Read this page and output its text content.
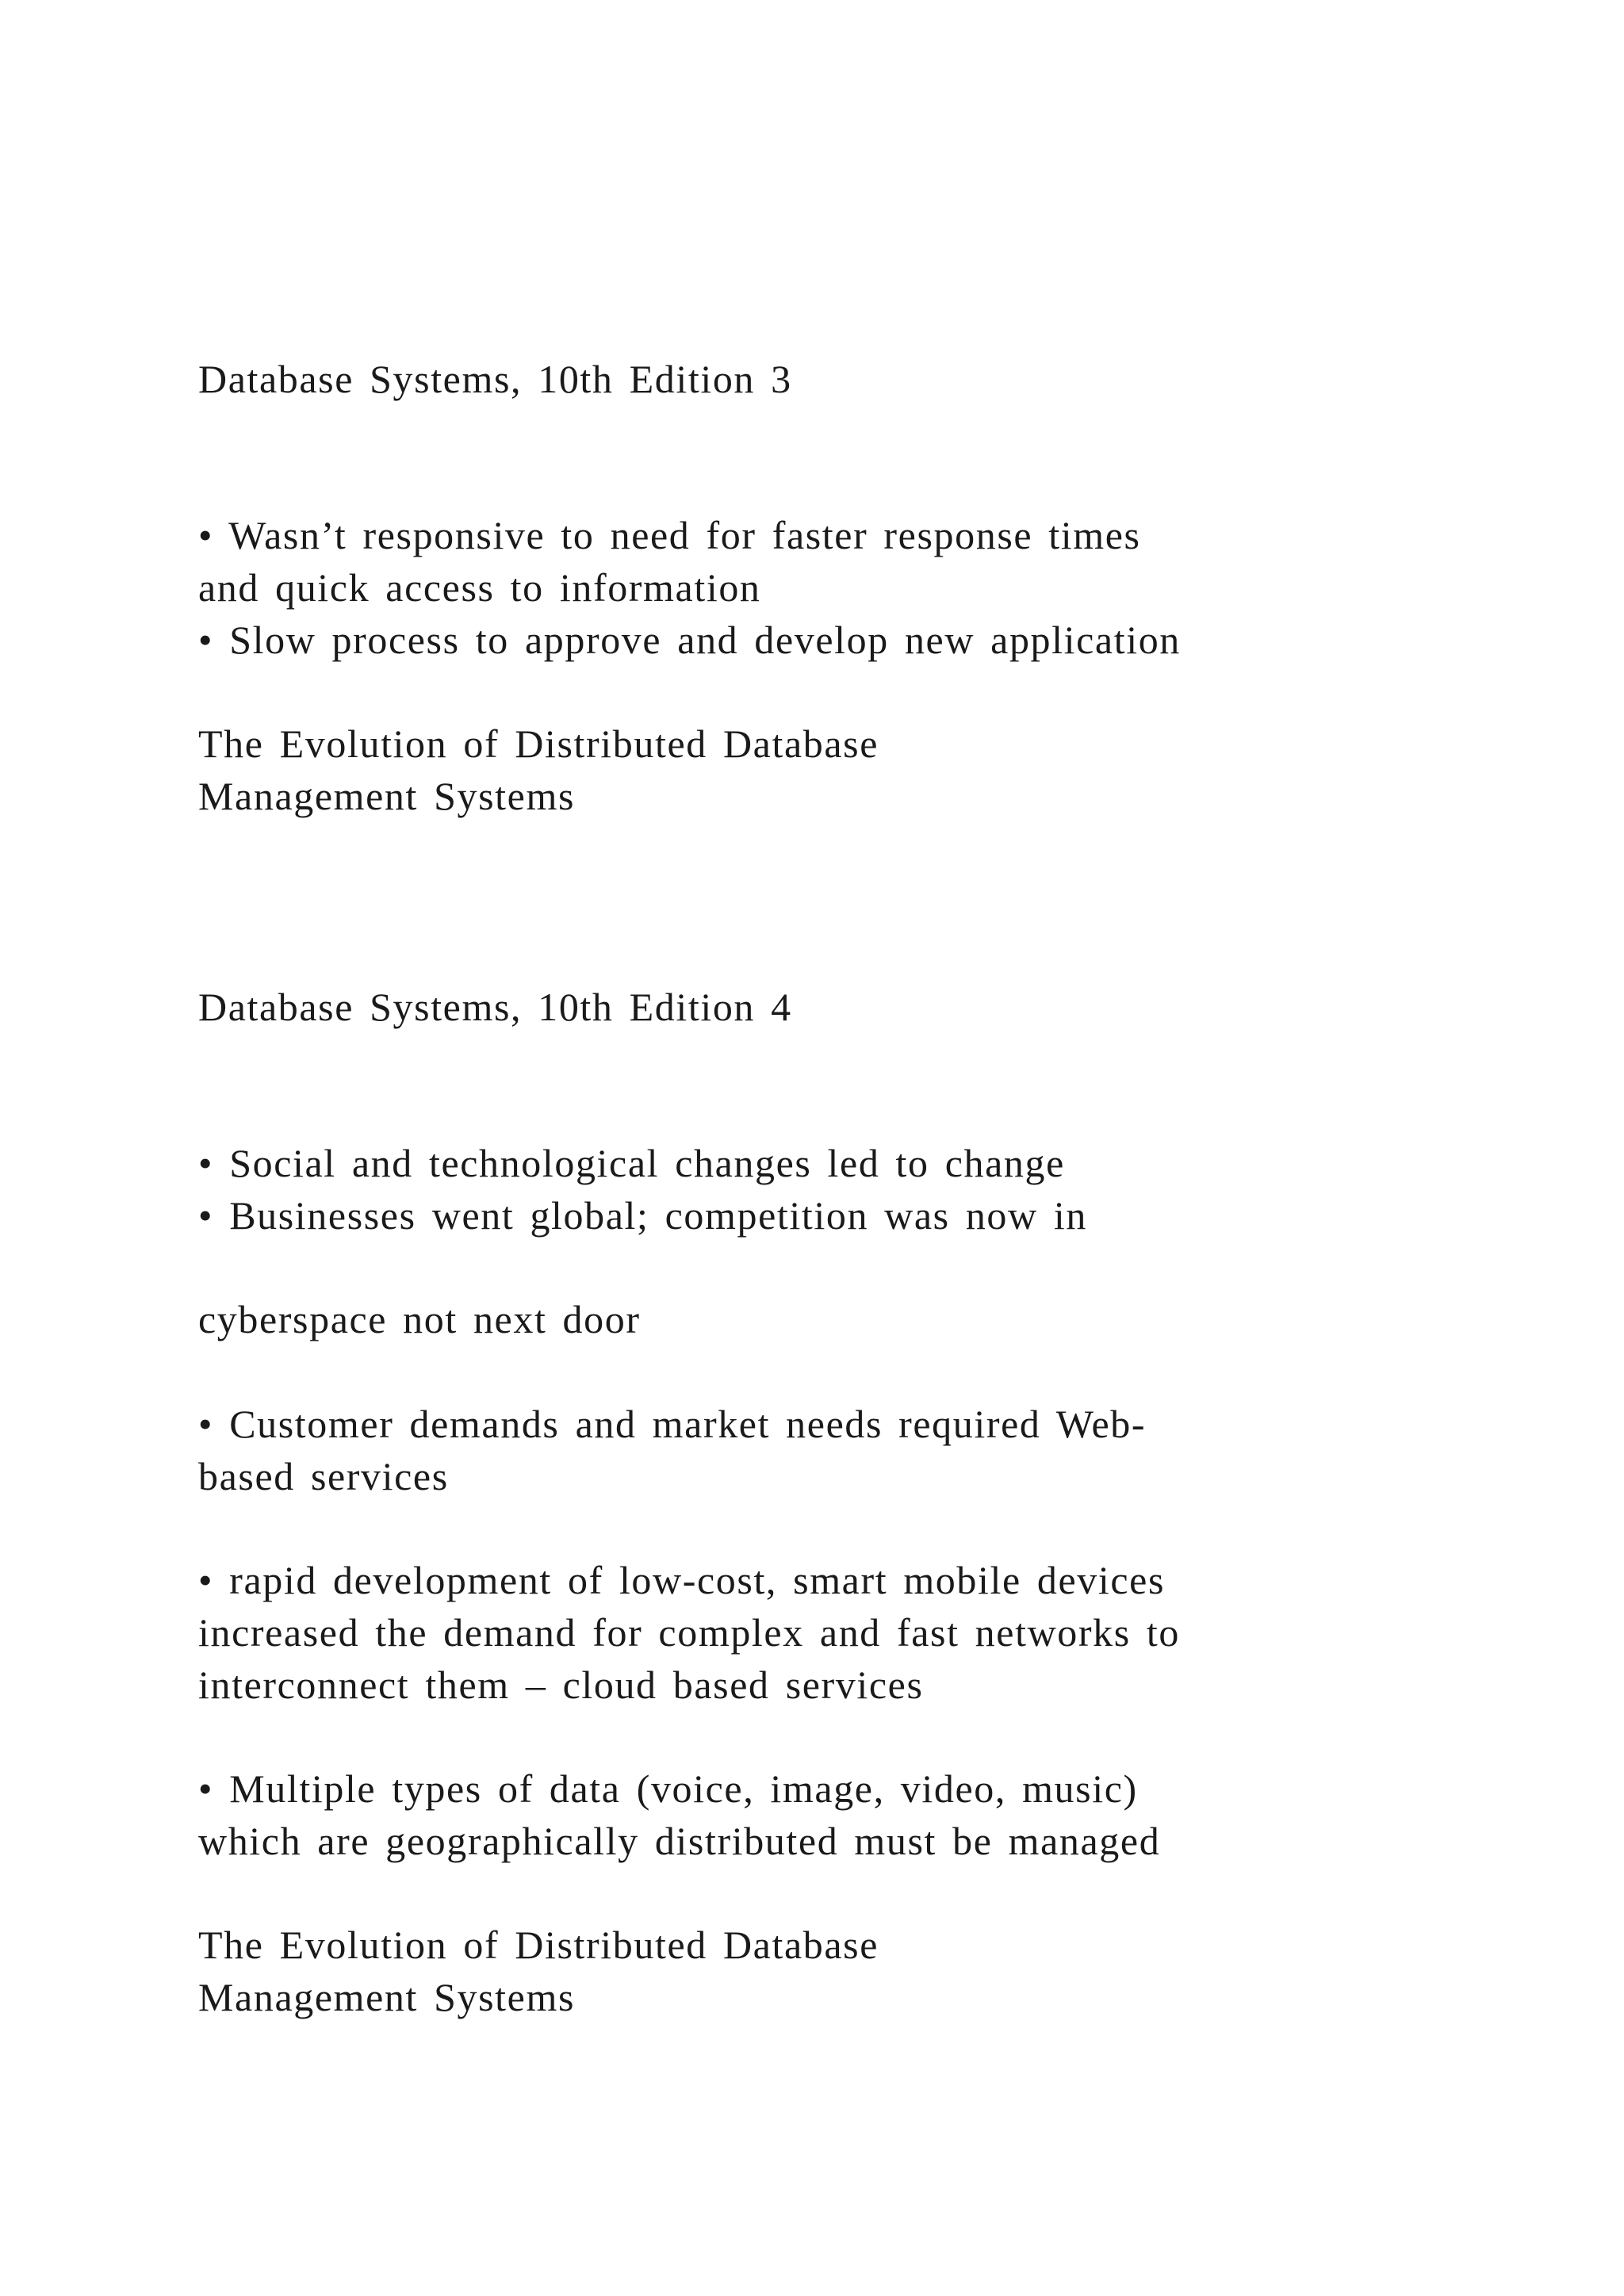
Database Systems, 10th Edition 3
• Wasn’t responsive to need for faster response times
and quick access to information
• Slow process to approve and develop new application
The Evolution of Distributed Database
Management Systems
Database Systems, 10th Edition 4
• Social and technological changes led to change
• Businesses went global; competition was now in
cyberspace not next door
• Customer demands and market needs required Web-
based services
• rapid development of low-cost, smart mobile devices
increased the demand for complex and fast networks to
interconnect them – cloud based services
• Multiple types of data (voice, image, video, music)
which are geographically distributed must be managed
The Evolution of Distributed Database
Management Systems
